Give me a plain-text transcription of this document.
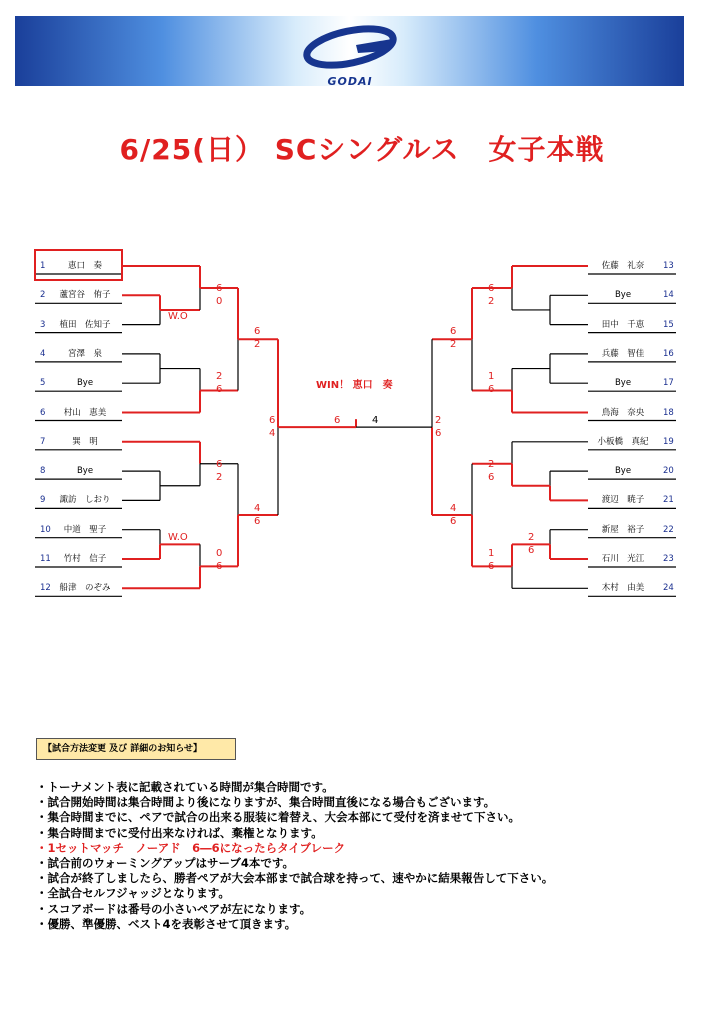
GODAI
6/25(日） SCシングルス　女子本戦
1	恵口　奏
2	蘆宮谷　侑子
3	植田　佐知子
4	宮澤　泉
5	Bye
6	村山　恵美
7	巽　明
8	Bye
9	諏訪　しおり
10	中道　聖子
11	竹村　信子
12	船津　のぞみ
佐藤　礼奈	13
Bye	14
田中　千恵	15
兵藤　智佳	16
Bye	17
鳥海　奈央	18
小板橋　真紀	19
Bye	20
渡辺　暁子	21
新屋　裕子	22
石川　光江	23
木村　由美	24
6
0
W.O
2
6
6
2
W.O
0
6
6
2
4
6
6
4
6
2
1
6
2
6
2
6
1
6
6
2
4
6
2
6
6	4
WIN！ 恵口　奏
【試合方法変更 及び 詳細のお知らせ】
・トーナメント表に記載されている時間が集合時間です。
・試合開始時間は集合時間より後になりますが、集合時間直後になる場合もございます。
・集合時間までに、ペアで試合の出来る服装に着替え、大会本部にて受付を済ませて下さい。
・集合時間までに受付出来なければ、棄権となります。
・1セットマッチ　ノーアド　6―6になったらタイブレーク
・試合前のウォーミングアップはサーブ4本です。
・試合が終了しましたら、勝者ペアが大会本部まで試合球を持って、速やかに結果報告して下さい。
・全試合セルフジャッジとなります。
・スコアボードは番号の小さいペアが左になります。
・優勝、準優勝、ベスト4を表彰させて頂きます。
